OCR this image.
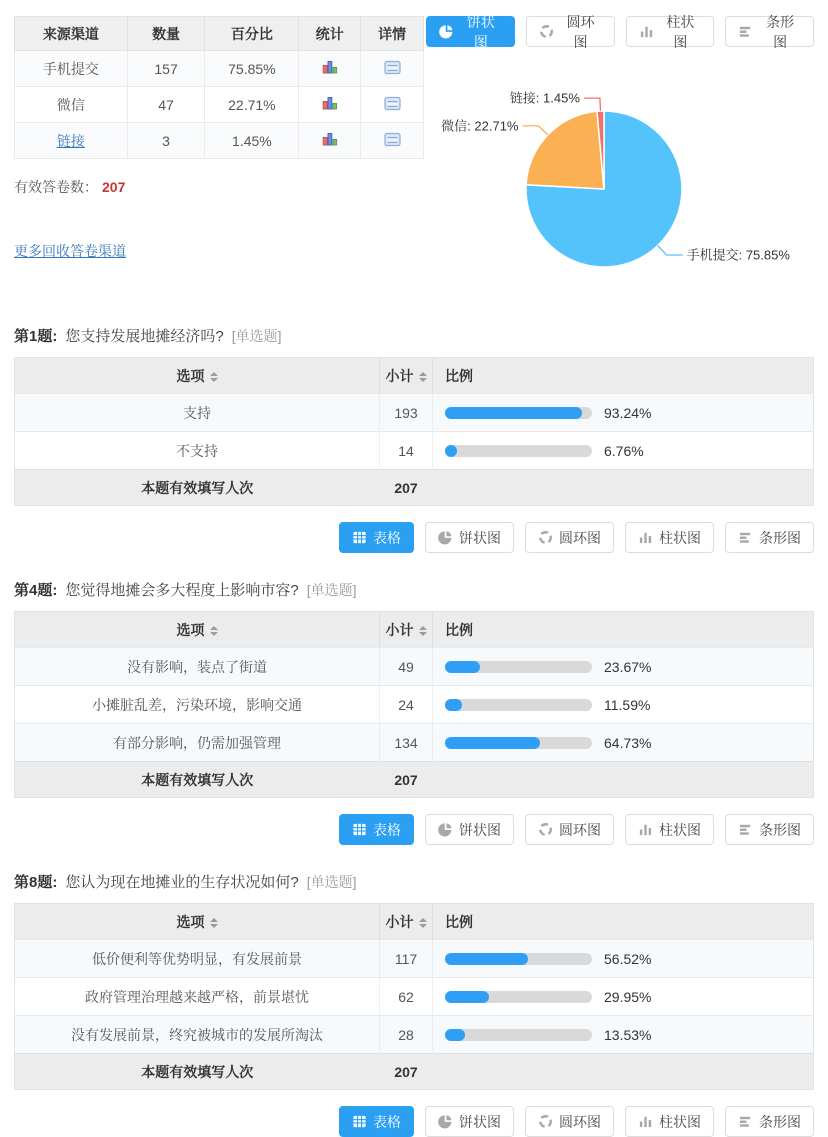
来源渠道	数量	百分比	统计	详情
手机提交	157	75.85%		
微信	47	22.71%		
链接	3	1.45%		
有效答卷数： 207
更多回收答卷渠道
饼状图
圆环图
柱状图
条形图
手机提交: 75.85%
微信: 22.71%
链接: 1.45%
第1题: 您支持发展地摊经济吗? [单选题]
选项	小计	比例
支持	193	93.24%

不支持	14	6.76%

本题有效填写人次	207	
表格	饼状图	圆环图	柱状图	条形图
第4题: 您觉得地摊会多大程度上影响市容? [单选题]
选项	小计	比例
没有影响，装点了街道	49	23.67%

小摊脏乱差，污染环境，影响交通	24	11.59%

有部分影响，仍需加强管理	134	64.73%

本题有效填写人次	207	
表格	饼状图	圆环图	柱状图	条形图
第8题: 您认为现在地摊业的生存状况如何? [单选题]
选项	小计	比例
低价便利等优势明显，有发展前景	117	56.52%

政府管理治理越来越严格，前景堪忧	62	29.95%

没有发展前景，终究被城市的发展所淘汰	28	13.53%

本题有效填写人次	207	
表格	饼状图	圆环图	柱状图	条形图
